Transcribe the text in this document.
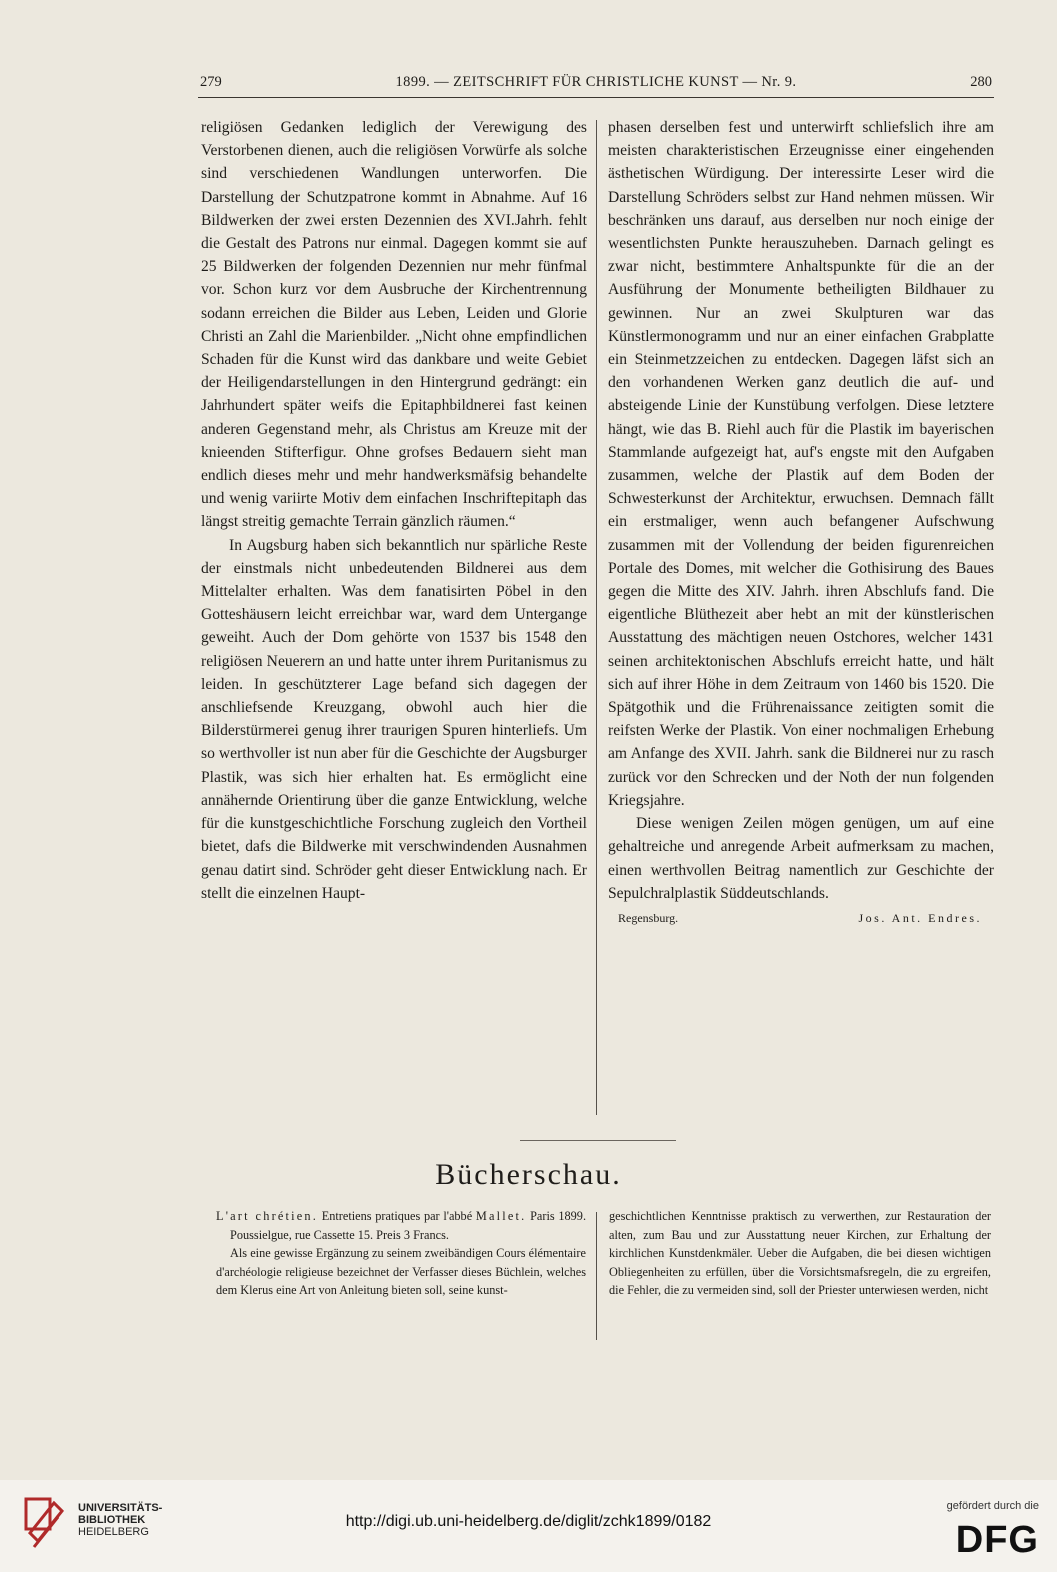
279	1899. — ZEITSCHRIFT FÜR CHRISTLICHE KUNST — Nr. 9.	280

religiösen Gedanken lediglich der Verewigung des Verstorbenen dienen, auch die religiösen Vorwürfe als solche sind verschiedenen Wandlungen unterworfen. Die Darstellung der Schutzpatrone kommt in Abnahme. Auf 16 Bildwerken der zwei ersten Dezennien des XVI.Jahrh. fehlt die Gestalt des Patrons nur einmal. Dagegen kommt sie auf 25 Bildwerken der folgenden Dezennien nur mehr fünfmal vor. Schon kurz vor dem Ausbruche der Kirchentrennung sodann erreichen die Bilder aus Leben, Leiden und Glorie Christi an Zahl die Marienbilder. „Nicht ohne empfindlichen Schaden für die Kunst wird das dankbare und weite Gebiet der Heiligendarstellungen in den Hintergrund gedrängt: ein Jahrhundert später weifs die Epitaphbildnerei fast keinen anderen Gegenstand mehr, als Christus am Kreuze mit der knieenden Stifterfigur. Ohne grofses Bedauern sieht man endlich dieses mehr und mehr handwerksmäfsig behandelte und wenig variirte Motiv dem einfachen Inschriftepitaph das längst streitig gemachte Terrain gänzlich räumen.“

In Augsburg haben sich bekanntlich nur spärliche Reste der einstmals nicht unbedeutenden Bildnerei aus dem Mittelalter erhalten. Was dem fanatisirten Pöbel in den Gotteshäusern leicht erreichbar war, ward dem Untergange geweiht. Auch der Dom gehörte von 1537 bis 1548 den religiösen Neuerern an und hatte unter ihrem Puritanismus zu leiden. In geschützterer Lage befand sich dagegen der anschliefsende Kreuzgang, obwohl auch hier die Bilderstürmerei genug ihrer traurigen Spuren hinterliefs. Um so werthvoller ist nun aber für die Geschichte der Augsburger Plastik, was sich hier erhalten hat. Es ermöglicht eine annähernde Orientirung über die ganze Entwicklung, welche für die kunstgeschichtliche Forschung zugleich den Vortheil bietet, dafs die Bildwerke mit verschwindenden Ausnahmen genau datirt sind. Schröder geht dieser Entwicklung nach. Er stellt die einzelnen Haupt-

phasen derselben fest und unterwirft schliefslich ihre am meisten charakteristischen Erzeugnisse einer eingehenden ästhetischen Würdigung. Der interessirte Leser wird die Darstellung Schröders selbst zur Hand nehmen müssen. Wir beschränken uns darauf, aus derselben nur noch einige der wesentlichsten Punkte herauszuheben. Darnach gelingt es zwar nicht, bestimmtere Anhaltspunkte für die an der Ausführung der Monumente betheiligten Bildhauer zu gewinnen. Nur an zwei Skulpturen war das Künstlermonogramm und nur an einer einfachen Grabplatte ein Steinmetzzeichen zu entdecken. Dagegen läfst sich an den vorhandenen Werken ganz deutlich die auf- und absteigende Linie der Kunstübung verfolgen. Diese letztere hängt, wie das B. Riehl auch für die Plastik im bayerischen Stammlande aufgezeigt hat, auf's engste mit den Aufgaben zusammen, welche der Plastik auf dem Boden der Schwesterkunst der Architektur, erwuchsen. Demnach fällt ein erstmaliger, wenn auch befangener Aufschwung zusammen mit der Vollendung der beiden figurenreichen Portale des Domes, mit welcher die Gothisirung des Baues gegen die Mitte des XIV. Jahrh. ihren Abschlufs fand. Die eigentliche Blüthezeit aber hebt an mit der künstlerischen Ausstattung des mächtigen neuen Ostchores, welcher 1431 seinen architektonischen Abschlufs erreicht hatte, und hält sich auf ihrer Höhe in dem Zeitraum von 1460 bis 1520. Die Spätgothik und die Frührenaissance zeitigten somit die reifsten Werke der Plastik. Von einer nochmaligen Erhebung am Anfange des XVII. Jahrh. sank die Bildnerei nur zu rasch zurück vor den Schrecken und der Noth der nun folgenden Kriegsjahre.

Diese wenigen Zeilen mögen genügen, um auf eine gehaltreiche und anregende Arbeit aufmerksam zu machen, einen werthvollen Beitrag namentlich zur Geschichte der Sepulchralplastik Süddeutschlands.

Regensburg.	Jos. Ant. Endres.
Bücherschau.

L'art chrétien. Entretiens pratiques par l'abbé Mallet. Paris 1899. Poussielgue, rue Cassette 15. Preis 3 Francs.

Als eine gewisse Ergänzung zu seinem zweibändigen Cours élémentaire d'archéologie religieuse bezeichnet der Verfasser dieses Büchlein, welches dem Klerus eine Art von Anleitung bieten soll, seine kunst-

geschichtlichen Kenntnisse praktisch zu verwerthen, zur Restauration der alten, zum Bau und zur Ausstattung neuer Kirchen, zur Erhaltung der kirchlichen Kunstdenkmäler. Ueber die Aufgaben, die bei diesen wichtigen Obliegenheiten zu erfüllen, über die Vorsichtsmafsregeln, die zu ergreifen, die Fehler, die zu vermeiden sind, soll der Priester unterwiesen werden, nicht

UNIVERSITÄTS-
BIBLIOTHEK
HEIDELBERG
http://digi.ub.uni-heidelberg.de/diglit/zchk1899/0182
gefördert durch die
DFG
